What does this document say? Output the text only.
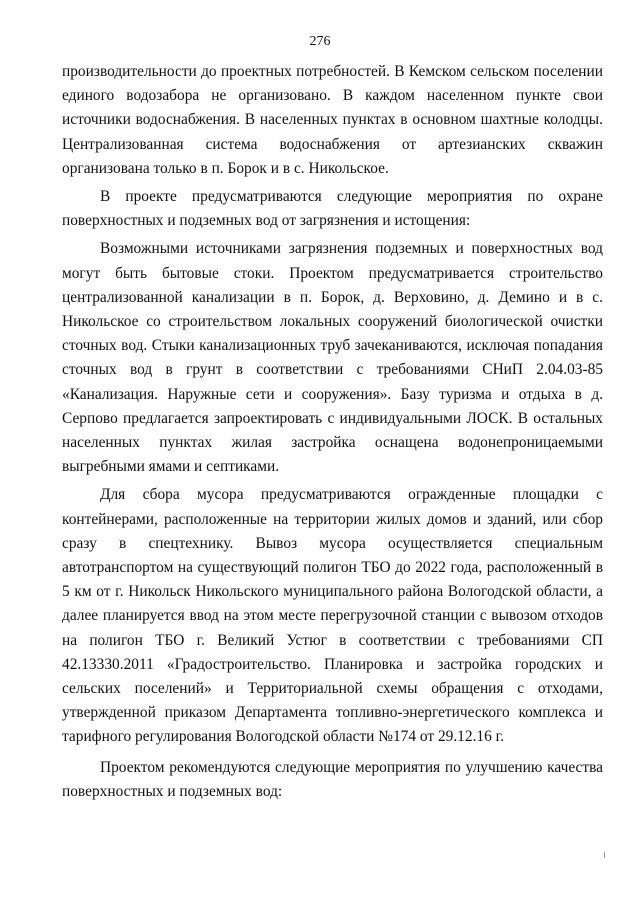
276

производительности до проектных потребностей. В Кемском сельском поселении единого водозабора не организовано. В каждом населенном пункте свои источники водоснабжения. В населенных пунктах в основном шахтные колодцы. Централизованная система водоснабжения от артезианских скважин организована только в п. Борок и в с. Никольское.

В проекте предусматриваются следующие мероприятия по охране поверхностных и подземных вод от загрязнения и истощения:

Возможными источниками загрязнения подземных и поверхностных вод могут быть бытовые стоки. Проектом предусматривается строительство централизованной канализации в п. Борок, д. Верховино, д. Демино и в с. Никольское со строительством локальных сооружений биологической очистки сточных вод. Стыки канализационных труб зачеканиваются, исключая попадания сточных вод в грунт в соответствии с требованиями СНиП 2.04.03-85 «Канализация. Наружные сети и сооружения». Базу туризма и отдыха в д. Серпово предлагается запроектировать с индивидуальными ЛОСК. В остальных населенных пунктах жилая застройка оснащена водонепроницаемыми выгребными ямами и септиками.

Для сбора мусора предусматриваются огражденные площадки с контейнерами, расположенные на территории жилых домов и зданий, или сбор сразу в спецтехнику. Вывоз мусора осуществляется специальным автотранспортом на существующий полигон ТБО до 2022 года, расположенный в 5 км от г. Никольск Никольского муниципального района Вологодской области, а далее планируется ввод на этом месте перегрузочной станции с вывозом отходов на полигон ТБО г. Великий Устюг в соответствии с требованиями СП 42.13330.2011 «Градостроительство. Планировка и застройка городских и сельских поселений» и Территориальной схемы обращения с отходами, утвержденной приказом Департамента топливно-энергетического комплекса и тарифного регулирования Вологодской области №174 от 29.12.16 г.

Проектом рекомендуются следующие мероприятия по улучшению качества поверхностных и подземных вод:
